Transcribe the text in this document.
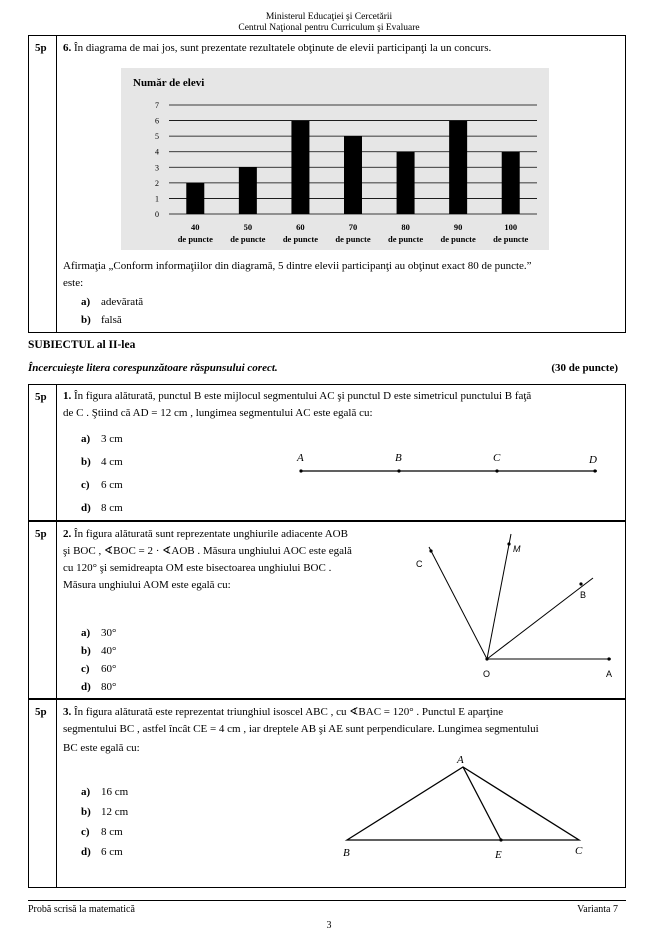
Ministerul Educaţiei şi Cercetării
Centrul Naţional pentru Curriculum şi Evaluare
5p	6. În diagrama de mai jos, sunt prezentate rezultatele obţinute de elevii participanţi la un concurs.
Număr de elevi
0
1
2
3
4
5
6
7
40
de puncte
50
de puncte
60
de puncte
70
de puncte
80
de puncte
90
de puncte
100
de puncte
Afirmaţia „Conform informaţiilor din diagramă, 5 dintre elevii participanţi au obţinut exact 80 de puncte.”
este:
a) adevărată
b) falsă
SUBIECTUL al II-lea
Încercuieşte litera corespunzătoare răspunsului corect.	(30 de puncte)
5p	1. În figura alăturată, punctul B este mijlocul segmentului AC şi punctul D este simetricul punctului B faţă
de C . Ştiind că AD = 12 cm , lungimea segmentului AC este egală cu:
a) 3 cm
b) 4 cm
c) 6 cm
d) 8 cm
A	B	C	D
5p	2. În figura alăturată sunt reprezentate unghiurile adiacente AOB
şi BOC , ∢BOC = 2 · ∢AOB . Măsura unghiului AOC este egală
cu 120° şi semidreapta OM este bisectoarea unghiului BOC .
Măsura unghiului AOM este egală cu:
a) 30°
b) 40°
c) 60°
d) 80°
O	A
B
C
M
5p	3. În figura alăturată este reprezentat triunghiul isoscel ABC , cu ∢BAC = 120° . Punctul E aparţine
segmentului BC , astfel încât CE = 4 cm , iar dreptele AB şi AE sunt perpendiculare. Lungimea segmentului
BC este egală cu:
a) 16 cm
b) 12 cm
c) 8 cm
d) 6 cm
A
B	C
E
Probă scrisă la matematică	Varianta 7
3
